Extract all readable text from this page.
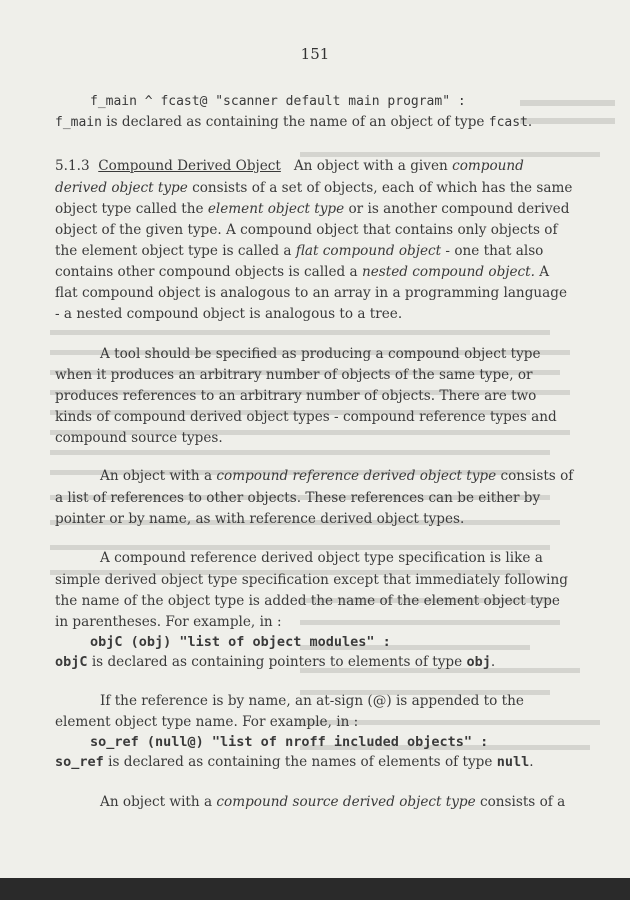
151
f_main ^ fcast@ "scanner default main program" :
f_main is declared as containing the name of an object of type fcast.
5.1.3 Compound Derived Object An object with a given compound
derived object type consists of a set of objects, each of which has the same
object type called the element object type or is another compound derived
object of the given type. A compound object that contains only objects of
the element object type is called a flat compound object - one that also
contains other compound objects is called a nested compound object. A
flat compound object is analogous to an array in a programming language
- a nested compound object is analogous to a tree.
A tool should be specified as producing a compound object type
when it produces an arbitrary number of objects of the same type, or
produces references to an arbitrary number of objects. There are two
kinds of compound derived object types - compound reference types and
compound source types.
An object with a compound reference derived object type consists of
a list of references to other objects. These references can be either by
pointer or by name, as with reference derived object types.
A compound reference derived object type specification is like a
simple derived object type specification except that immediately following
the name of the object type is added the name of the element object type
in parentheses. For example, in :
objC (obj) "list of object modules" :
objC is declared as containing pointers to elements of type obj.
If the reference is by name, an at-sign (@) is appended to the
element object type name. For example, in :
so_ref (null@) "list of nroff included objects" :
so_ref is declared as containing the names of elements of type null.
An object with a compound source derived object type consists of a
